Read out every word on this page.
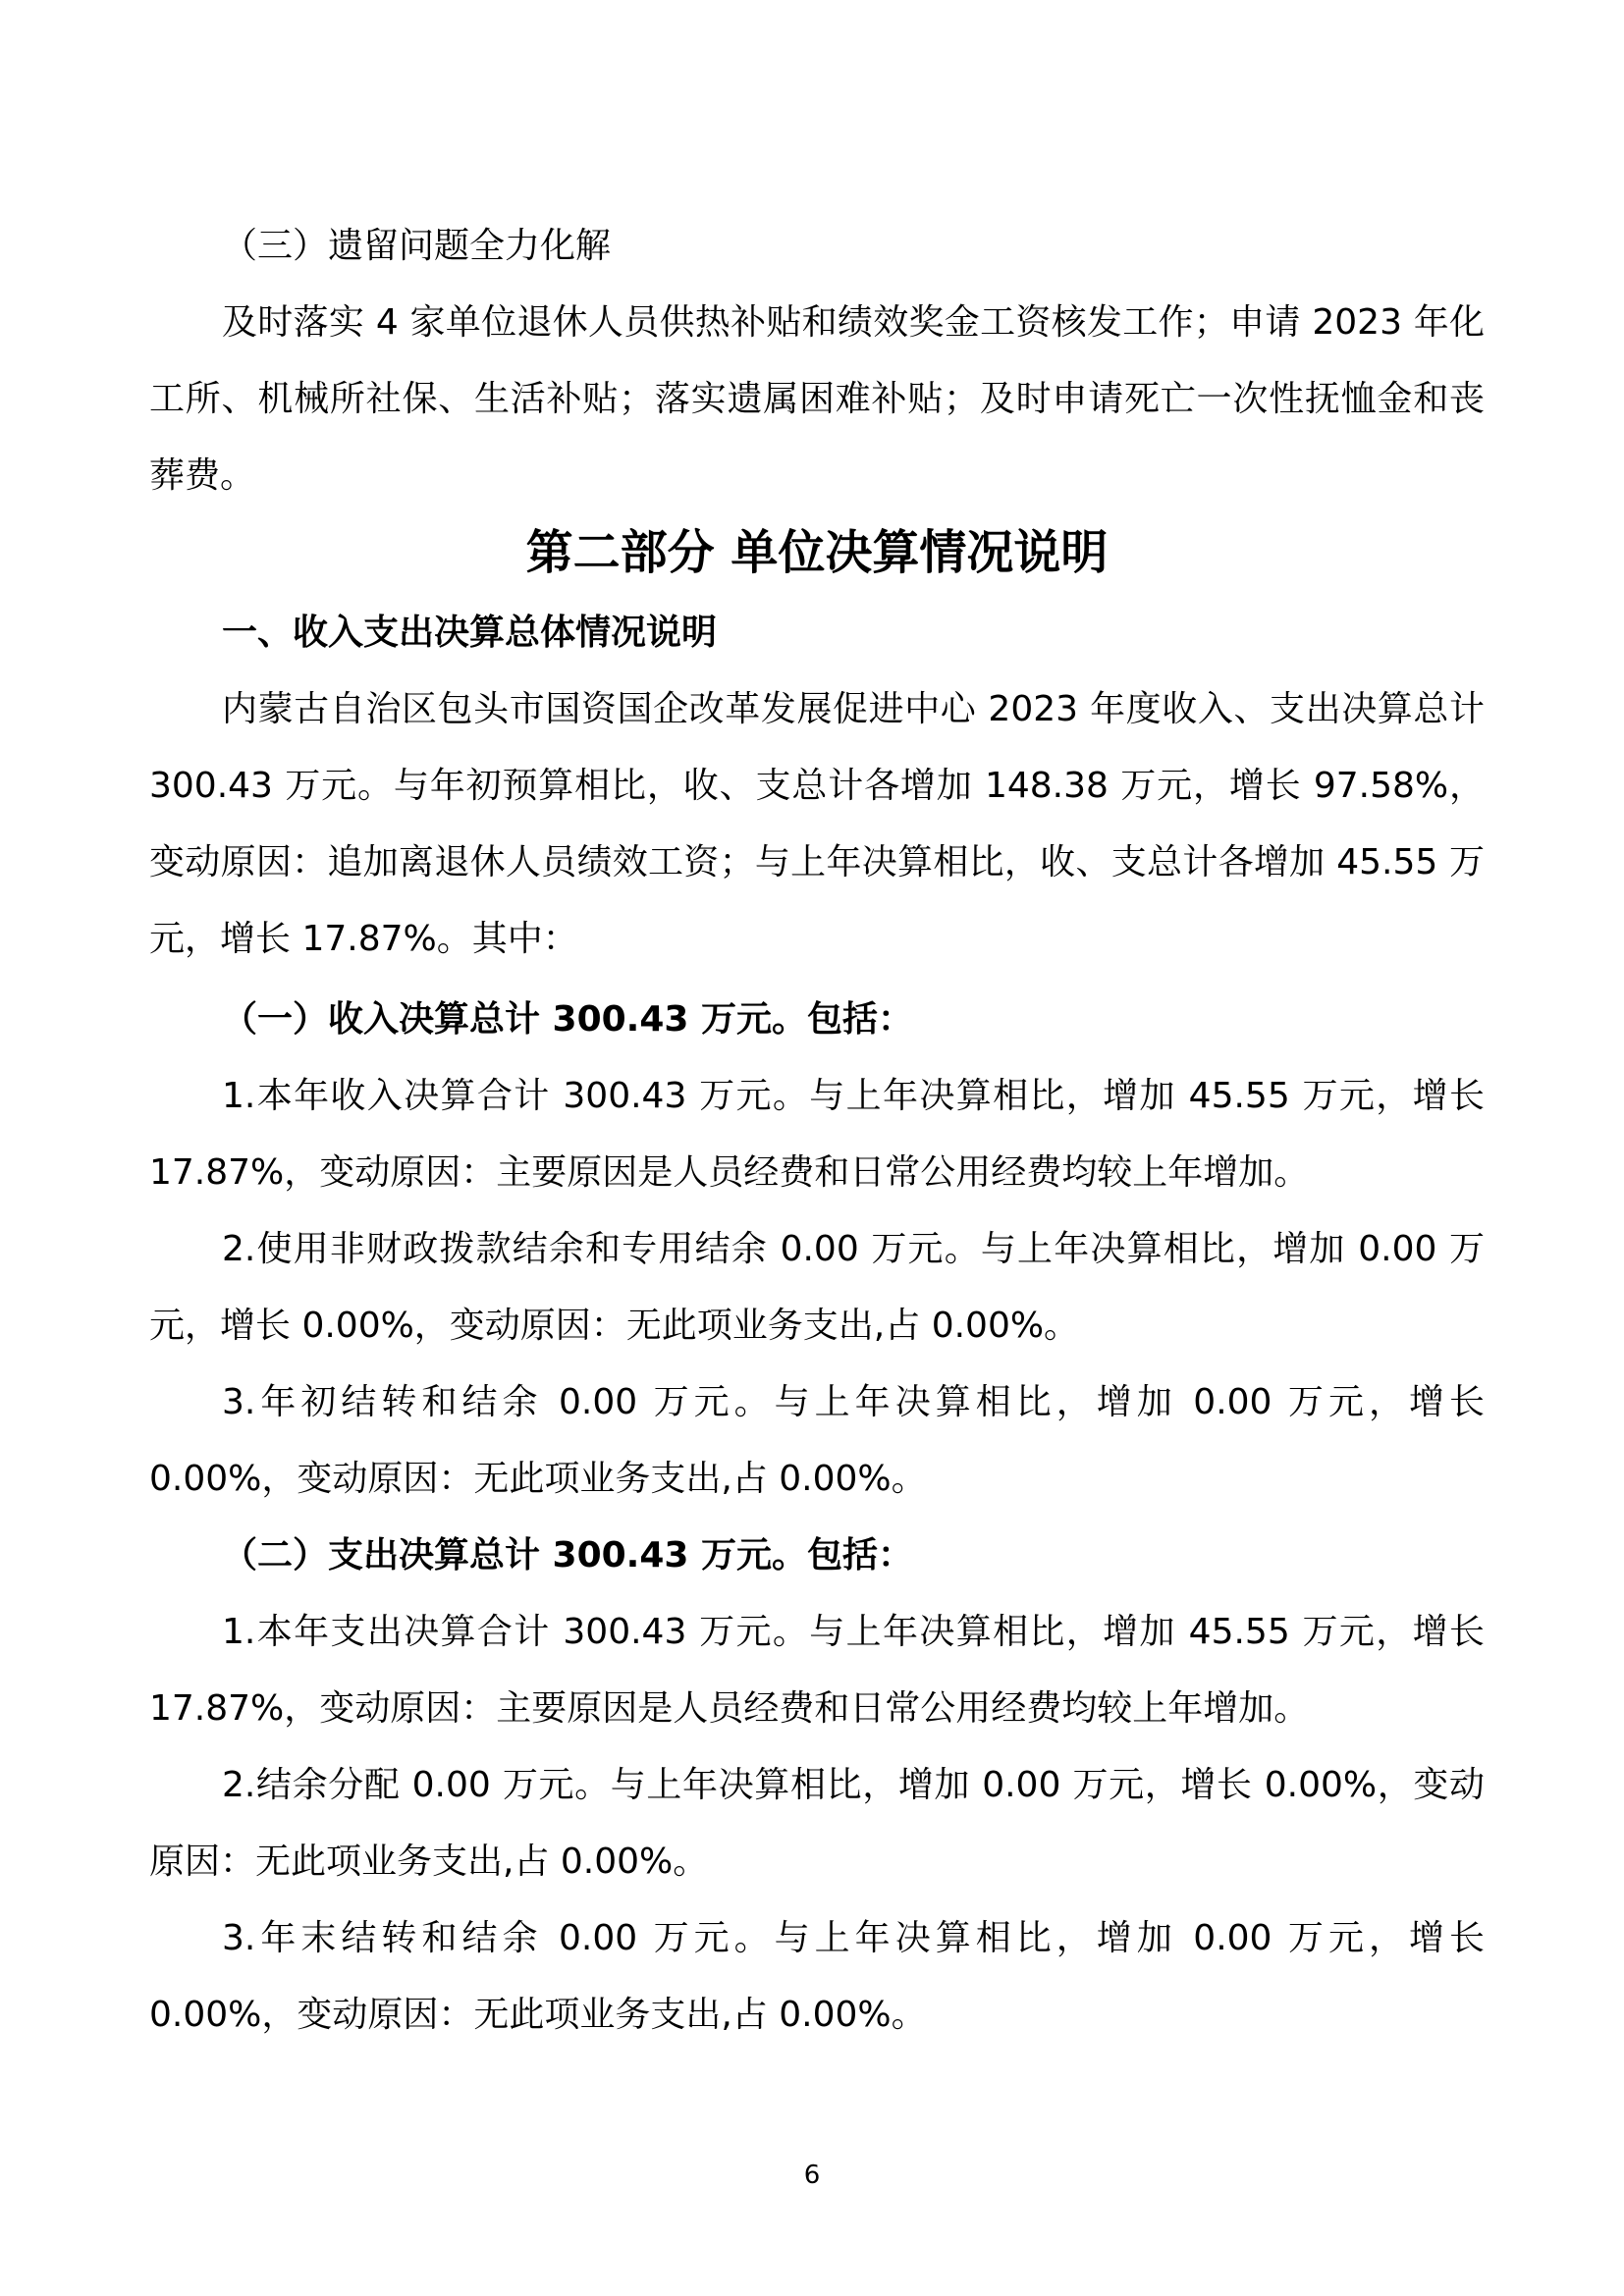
（三）遗留问题全力化解

及时落实 4 家单位退休人员供热补贴和绩效奖金工资核发工作；申请 2023 年化工所、机械所社保、生活补贴；落实遗属困难补贴；及时申请死亡一次性抚恤金和丧葬费。

第二部分 单位决算情况说明

一、收入支出决算总体情况说明

内蒙古自治区包头市国资国企改革发展促进中心 2023 年度收入、支出决算总计 300.43 万元。与年初预算相比，收、支总计各增加 148.38 万元，增长 97.58%，变动原因：追加离退休人员绩效工资；与上年决算相比，收、支总计各增加 45.55 万元，增长 17.87%。其中：

（一）收入决算总计 300.43 万元。包括：

1.本年收入决算合计 300.43 万元。与上年决算相比，增加 45.55 万元，增长 17.87%，变动原因：主要原因是人员经费和日常公用经费均较上年增加。

2.使用非财政拨款结余和专用结余 0.00 万元。与上年决算相比，增加 0.00 万元，增长 0.00%，变动原因：无此项业务支出,占 0.00%。

3.年初结转和结余 0.00 万元。与上年决算相比，增加 0.00 万元，增长 0.00%，变动原因：无此项业务支出,占 0.00%。

（二）支出决算总计 300.43 万元。包括：

1.本年支出决算合计 300.43 万元。与上年决算相比，增加 45.55 万元，增长 17.87%，变动原因：主要原因是人员经费和日常公用经费均较上年增加。

2.结余分配 0.00 万元。与上年决算相比，增加 0.00 万元，增长 0.00%，变动原因：无此项业务支出,占 0.00%。

3.年末结转和结余 0.00 万元。与上年决算相比，增加 0.00 万元，增长 0.00%，变动原因：无此项业务支出,占 0.00%。

6
